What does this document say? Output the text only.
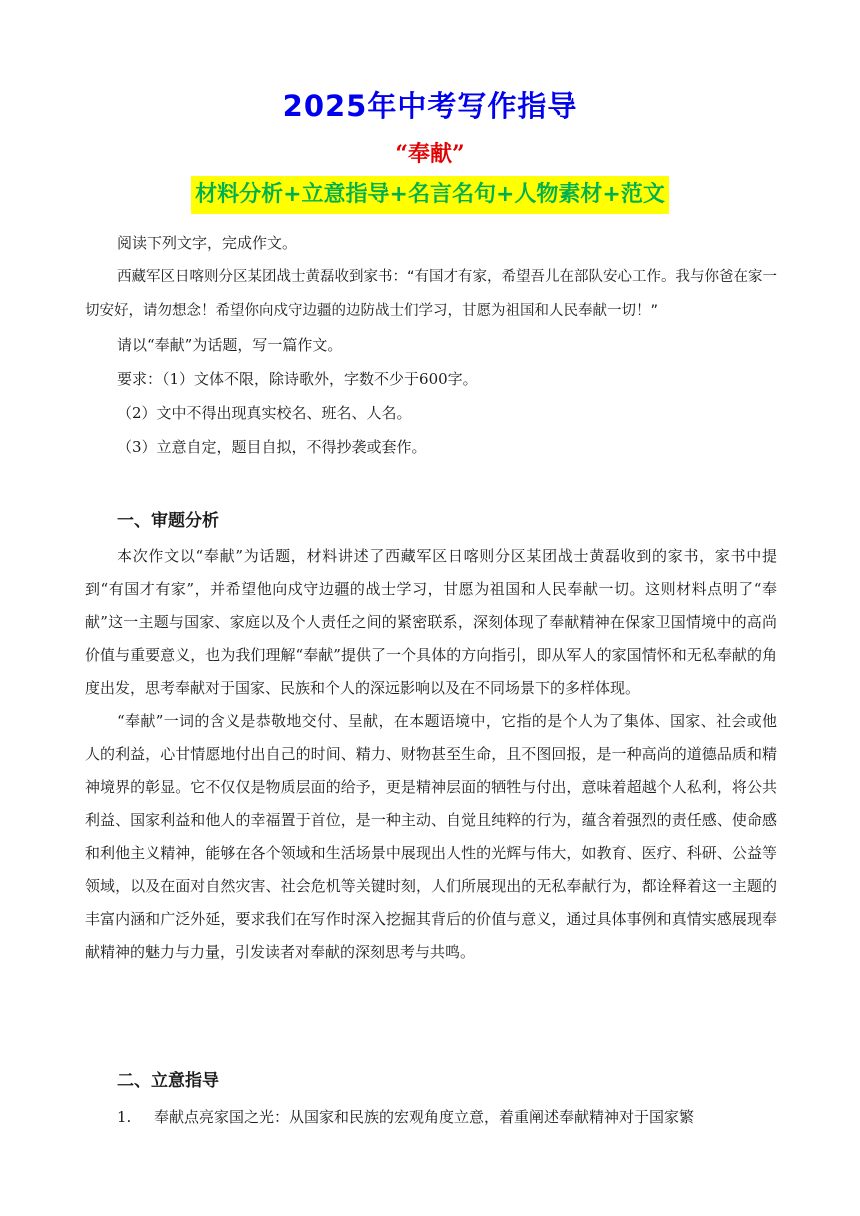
2025年中考写作指导
“奉献”
材料分析+立意指导+名言名句+人物素材+范文

阅读下列文字，完成作文。

西藏军区日喀则分区某团战士黄磊收到家书：“有国才有家，希望吾儿在部队安心工作。我与你爸在家一切安好，请勿想念！希望你向戍守边疆的边防战士们学习，甘愿为祖国和人民奉献一切！”

请以“奉献”为话题，写一篇作文。

要求：（1）文体不限，除诗歌外，字数不少于600字。

（2）文中不得出现真实校名、班名、人名。

（3）立意自定，题目自拟，不得抄袭或套作。

一、审题分析

本次作文以“奉献”为话题，材料讲述了西藏军区日喀则分区某团战士黄磊收到的家书，家书中提到“有国才有家”，并希望他向戍守边疆的战士学习，甘愿为祖国和人民奉献一切。这则材料点明了“奉献”这一主题与国家、家庭以及个人责任之间的紧密联系，深刻体现了奉献精神在保家卫国情境中的高尚价值与重要意义，也为我们理解“奉献”提供了一个具体的方向指引，即从军人的家国情怀和无私奉献的角度出发，思考奉献对于国家、民族和个人的深远影响以及在不同场景下的多样体现。

“奉献”一词的含义是恭敬地交付、呈献，在本题语境中，它指的是个人为了集体、国家、社会或他人的利益，心甘情愿地付出自己的时间、精力、财物甚至生命，且不图回报，是一种高尚的道德品质和精神境界的彰显。它不仅仅是物质层面的给予，更是精神层面的牺牲与付出，意味着超越个人私利，将公共利益、国家利益和他人的幸福置于首位，是一种主动、自觉且纯粹的行为，蕴含着强烈的责任感、使命感和利他主义精神，能够在各个领域和生活场景中展现出人性的光辉与伟大，如教育、医疗、科研、公益等领域，以及在面对自然灾害、社会危机等关键时刻，人们所展现出的无私奉献行为，都诠释着这一主题的丰富内涵和广泛外延，要求我们在写作时深入挖掘其背后的价值与意义，通过具体事例和真情实感展现奉献精神的魅力与力量，引发读者对奉献的深刻思考与共鸣。

二、立意指导
1. 奉献点亮家国之光：从国家和民族的宏观角度立意，着重阐述奉献精神对于国家繁
